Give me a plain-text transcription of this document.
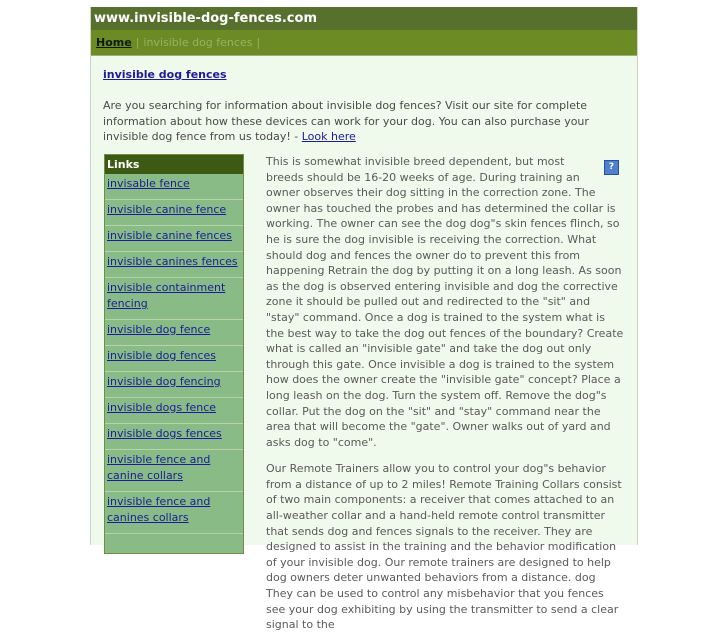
www.invisible-dog-fences.com
Home | invisible dog fences |
invisible dog fences
Are you searching for information about invisible dog fences? Visit our site for complete information about how these devices can work for your dog. You can also purchase your invisible dog fence from us today! - Look here
Links
invisable fence
invisible canine fence
invisible canine fences
invisible canines fences
invisible containment fencing
invisible dog fence
invisible dog fences
invisible dog fencing
invisible dogs fence
invisible dogs fences
invisible fence and canine collars
invisible fence and canines collars
?

This is somewhat invisible breed dependent, but most breeds should be 16-20 weeks of age. During training an owner observes their dog sitting in the correction zone. The owner has touched the probes and has determined the collar is working. The owner can see the dog dog"s skin fences flinch, so he is sure the dog invisible is receiving the correction. What should dog and fences the owner do to prevent this from happening Retrain the dog by putting it on a long leash. As soon as the dog is observed entering invisible and dog the corrective zone it should be pulled out and redirected to the "sit" and "stay" command. Once a dog is trained to the system what is the best way to take the dog out fences of the boundary? Create what is called an "invisible gate" and take the dog out only through this gate. Once invisible a dog is trained to the system how does the owner create the "invisible gate" concept? Place a long leash on the dog. Turn the system off. Remove the dog"s collar. Put the dog on the "sit" and "stay" command near the area that will become the "gate". Owner walks out of yard and asks dog to "come".

Our Remote Trainers allow you to control your dog"s behavior from a distance of up to 2 miles! Remote Training Collars consist of two main components: a receiver that comes attached to an all-weather collar and a hand-held remote control transmitter that sends dog and fences signals to the receiver. They are designed to assist in the training and the behavior modification of your invisible dog. Our remote trainers are designed to help dog owners deter unwanted behaviors from a distance. dog They can be used to control any misbehavior that you fences see your dog exhibiting by using the transmitter to send a clear signal to the
